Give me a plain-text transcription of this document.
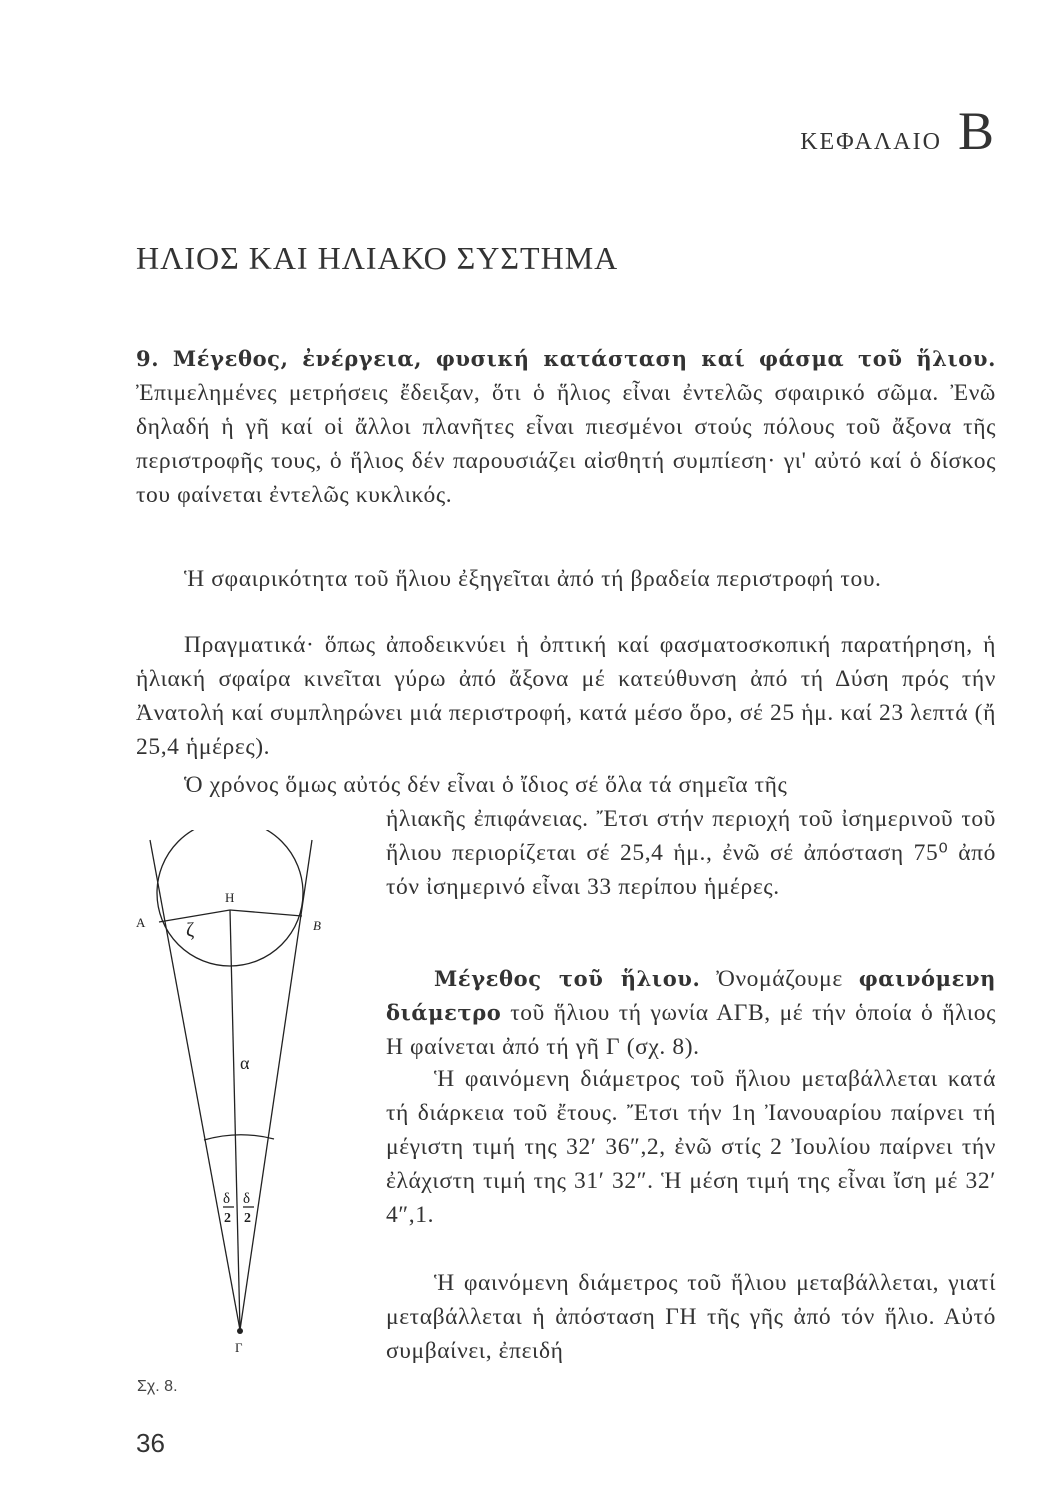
ΚΕΦΑΛΑΙΟ Β
ΗΛΙΟΣ ΚΑΙ ΗΛΙΑΚΟ ΣΥΣΤΗΜΑ

9. Μέγεθος, ἐνέργεια, φυσική κατάσταση καί φάσμα τοῦ ἥλιου. Ἐπιμελημένες μετρήσεις ἔδειξαν, ὅτι ὁ ἥλιος εἶναι ἐντελῶς σφαιρικό σῶμα. Ἐνῶ δηλαδή ἡ γῆ καί οἱ ἄλλοι πλανῆτες εἶναι πιεσμένοι στούς πόλους τοῦ ἄξονα τῆς περιστροφῆς τους, ὁ ἥλιος δέν παρουσιάζει αἰσθητή συμπίεση· γι' αὐτό καί ὁ δίσκος του φαίνεται ἐντελῶς κυκλικός.

Ἡ σφαιρικότητα τοῦ ἥλιου ἐξηγεῖται ἀπό τή βραδεία περιστροφή του.

Πραγματικά· ὅπως ἀποδεικνύει ἡ ὀπτική καί φασματοσκοπική παρατήρηση, ἡ ἡλιακή σφαίρα κινεῖται γύρω ἀπό ἄξονα μέ κατεύθυνση ἀπό τή Δύση πρός τήν Ἀνατολή καί συμπληρώνει μιά περιστροφή, κατά μέσο ὅρο, σέ 25 ἡμ. καί 23 λεπτά (ἤ 25,4 ἡμέρες).

Ὁ χρόνος ὅμως αὐτός δέν εἶναι ὁ ἴδιος σέ ὅλα τά σημεῖα τῆς

ἡλιακῆς ἐπιφάνειας. Ἔτσι στήν περιοχή τοῦ ἰσημερινοῦ τοῦ ἥλιου περιορίζεται σέ 25,4 ἡμ., ἐνῶ σέ ἀπόσταση 75⁰ ἀπό τόν ἰσημερινό εἶναι 33 περίπου ἡμέρες.

Μέγεθος τοῦ ἥλιου. Ὀνομάζουμε φαινόμενη διάμετρο τοῦ ἥλιου τή γωνία ΑΓΒ, μέ τήν ὁποία ὁ ἥλιος Η φαίνεται ἀπό τή γῆ Γ (σχ. 8).

Ἡ φαινόμενη διάμετρος τοῦ ἥλιου μεταβάλλεται κατά τή διάρκεια τοῦ ἔτους. Ἔτσι τήν 1η Ἰανουαρίου παίρνει τή μέγιστη τιμή της 32′ 36″,2, ἐνῶ στίς 2 Ἰουλίου παίρνει τήν ἐλάχιστη τιμή της 31′ 32″. Ἡ μέση τιμή της εἶναι ἴση μέ 32′ 4″,1.

Ἡ φαινόμενη διάμετρος τοῦ ἥλιου μεταβάλλεται, γιατί μεταβάλλεται ἡ ἀπόσταση ΓΗ τῆς γῆς ἀπό τόν ἥλιο. Αὐτό συμβαίνει, ἐπειδή

Α	Β
Η
ζ
α
δ δ
2 2
Γ
Σχ. 8.
36
